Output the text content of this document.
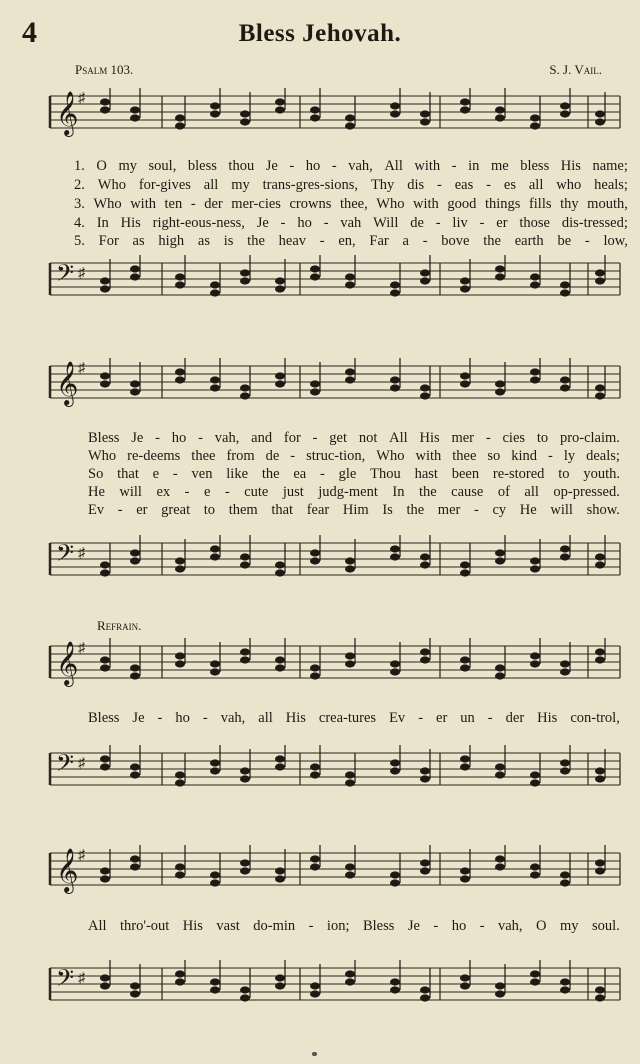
4	Bless Jehovah.
Psalm 103.	S. J. Vail.
𝄞 ♯
𝄢 ♯
1. O my soul, bless thou Je - ho - vah, All with - in me bless His name;
2. Who for-gives all my trans-gres-sions, Thy dis - eas - es all who heals;
3. Who with ten - der mer-cies crowns thee, Who with good things fills thy mouth,
4. In His right-eous-ness, Je - ho - vah Will de - liv - er those dis-tressed;
5. For as high as is the heav - en, Far a - bove the earth be - low,
𝄞 ♯
𝄢 ♯
Bless Je - ho - vah, and for - get not All His mer - cies to pro-claim.
Who re-deems thee from de - struc-tion, Who with thee so kind - ly deals;
So that e - ven like the ea - gle Thou hast been re-stored to youth.
He will ex - e - cute just judg-ment In the cause of all op-pressed.
Ev - er great to them that fear Him Is the mer - cy He will show.
Refrain.
𝄞 ♯
𝄢 ♯
Bless Je - ho - vah, all His crea-tures Ev - er un - der His con-trol,
𝄞 ♯
𝄢 ♯
All thro'-out His vast do-min - ion; Bless Je - ho - vah, O my soul.
